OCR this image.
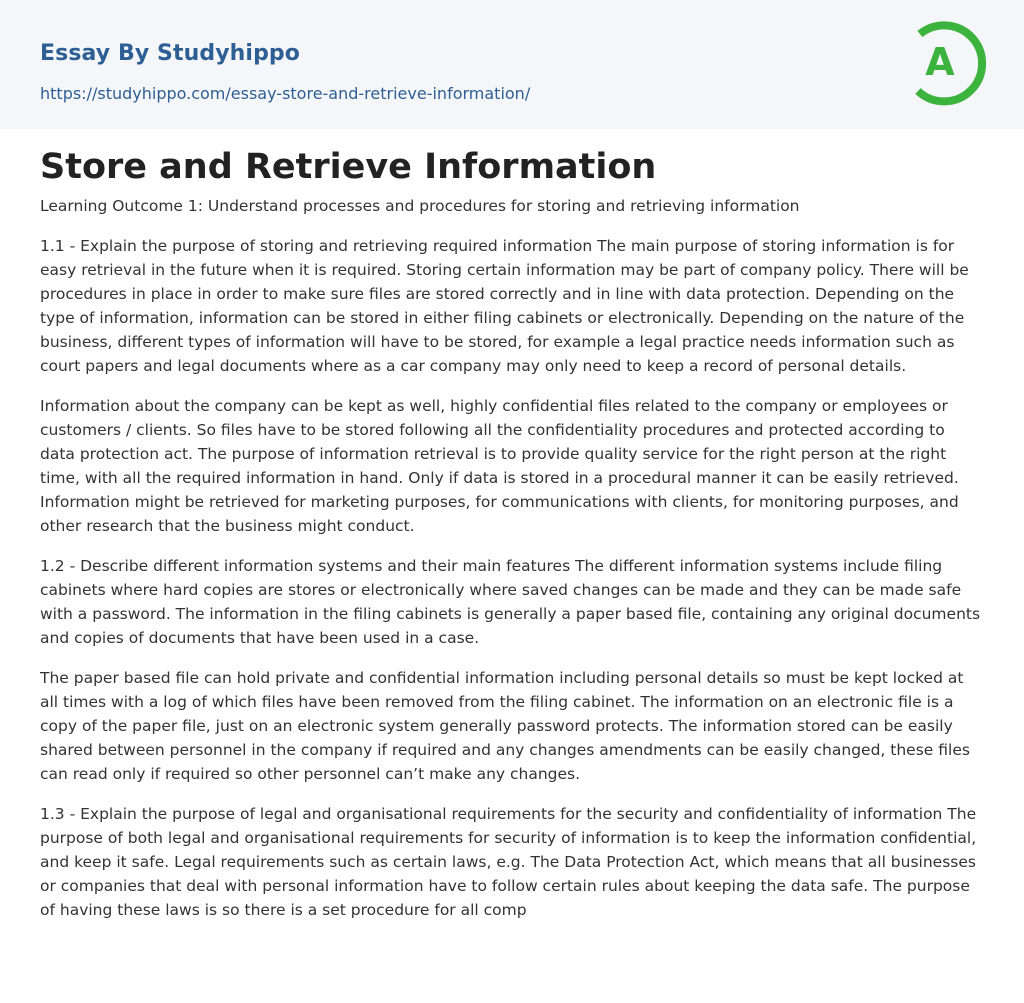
Essay By Studyhippo
https://studyhippo.com/essay-store-and-retrieve-information/
A
Store and Retrieve Information

Learning Outcome 1: Understand processes and procedures for storing and retrieving information

1.1 - Explain the purpose of storing and retrieving required information The main purpose of storing information is for easy retrieval in the future when it is required. Storing certain information may be part of company policy. There will be procedures in place in order to make sure files are stored correctly and in line with data protection. Depending on the type of information, information can be stored in either filing cabinets or electronically. Depending on the nature of the business, different types of information will have to be stored, for example a legal practice needs information such as court papers and legal documents where as a car company may only need to keep a record of personal details.

Information about the company can be kept as well, highly confidential files related to the company or employees or customers / clients. So files have to be stored following all the confidentiality procedures and protected according to data protection act. The purpose of information retrieval is to provide quality service for the right person at the right time, with all the required information in hand. Only if data is stored in a procedural manner it can be easily retrieved. Information might be retrieved for marketing purposes, for communications with clients, for monitoring purposes, and other research that the business might conduct.

1.2 - Describe different information systems and their main features The different information systems include filing cabinets where hard copies are stores or electronically where saved changes can be made and they can be made safe with a password. The information in the filing cabinets is generally a paper based file, containing any original documents and copies of documents that have been used in a case.

The paper based file can hold private and confidential information including personal details so must be kept locked at all times with a log of which files have been removed from the filing cabinet. The information on an electronic file is a copy of the paper file, just on an electronic system generally password protects. The information stored can be easily shared between personnel in the company if required and any changes amendments can be easily changed, these files can read only if required so other personnel can’t make any changes.

1.3 - Explain the purpose of legal and organisational requirements for the security and confidentiality of information The purpose of both legal and organisational requirements for security of information is to keep the information confidential, and keep it safe. Legal requirements such as certain laws, e.g. The Data Protection Act, which means that all businesses or companies that deal with personal information have to follow certain rules about keeping the data safe. The purpose of having these laws is so there is a set procedure for all comp
